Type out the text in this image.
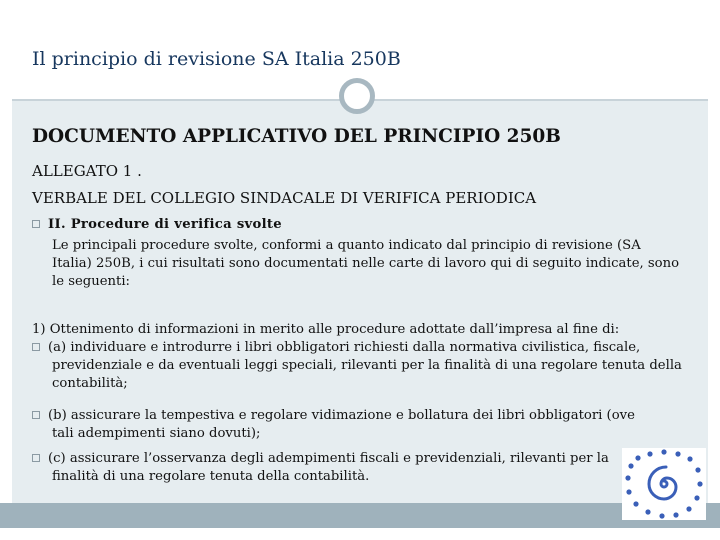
Il principio di revisione SA Italia 250B
DOCUMENTO APPLICATIVO DEL PRINCIPIO 250B
ALLEGATO 1 .
VERBALE DEL COLLEGIO SINDACALE DI VERIFICA PERIODICA
II. Procedure di verifica svolte
Le principali procedure svolte, conformi a quanto indicato dal principio di revisione (SA Italia) 250B, i cui risultati sono documentati nelle carte di lavoro qui di seguito indicate, sono le seguenti:
1) Ottenimento di informazioni in merito alle procedure adottate dall’impresa al fine di:
(a) individuare e introdurre i libri obbligatori richiesti dalla normativa civilistica, fiscale,
previdenziale e da eventuali leggi speciali, rilevanti per la finalità di una regolare tenuta della contabilità;
(b) assicurare la tempestiva e regolare vidimazione e bollatura dei libri obbligatori (ove
tali adempimenti siano dovuti);
(c) assicurare l’osservanza degli adempimenti fiscali e previdenziali, rilevanti per la
finalità di una regolare tenuta della contabilità.
